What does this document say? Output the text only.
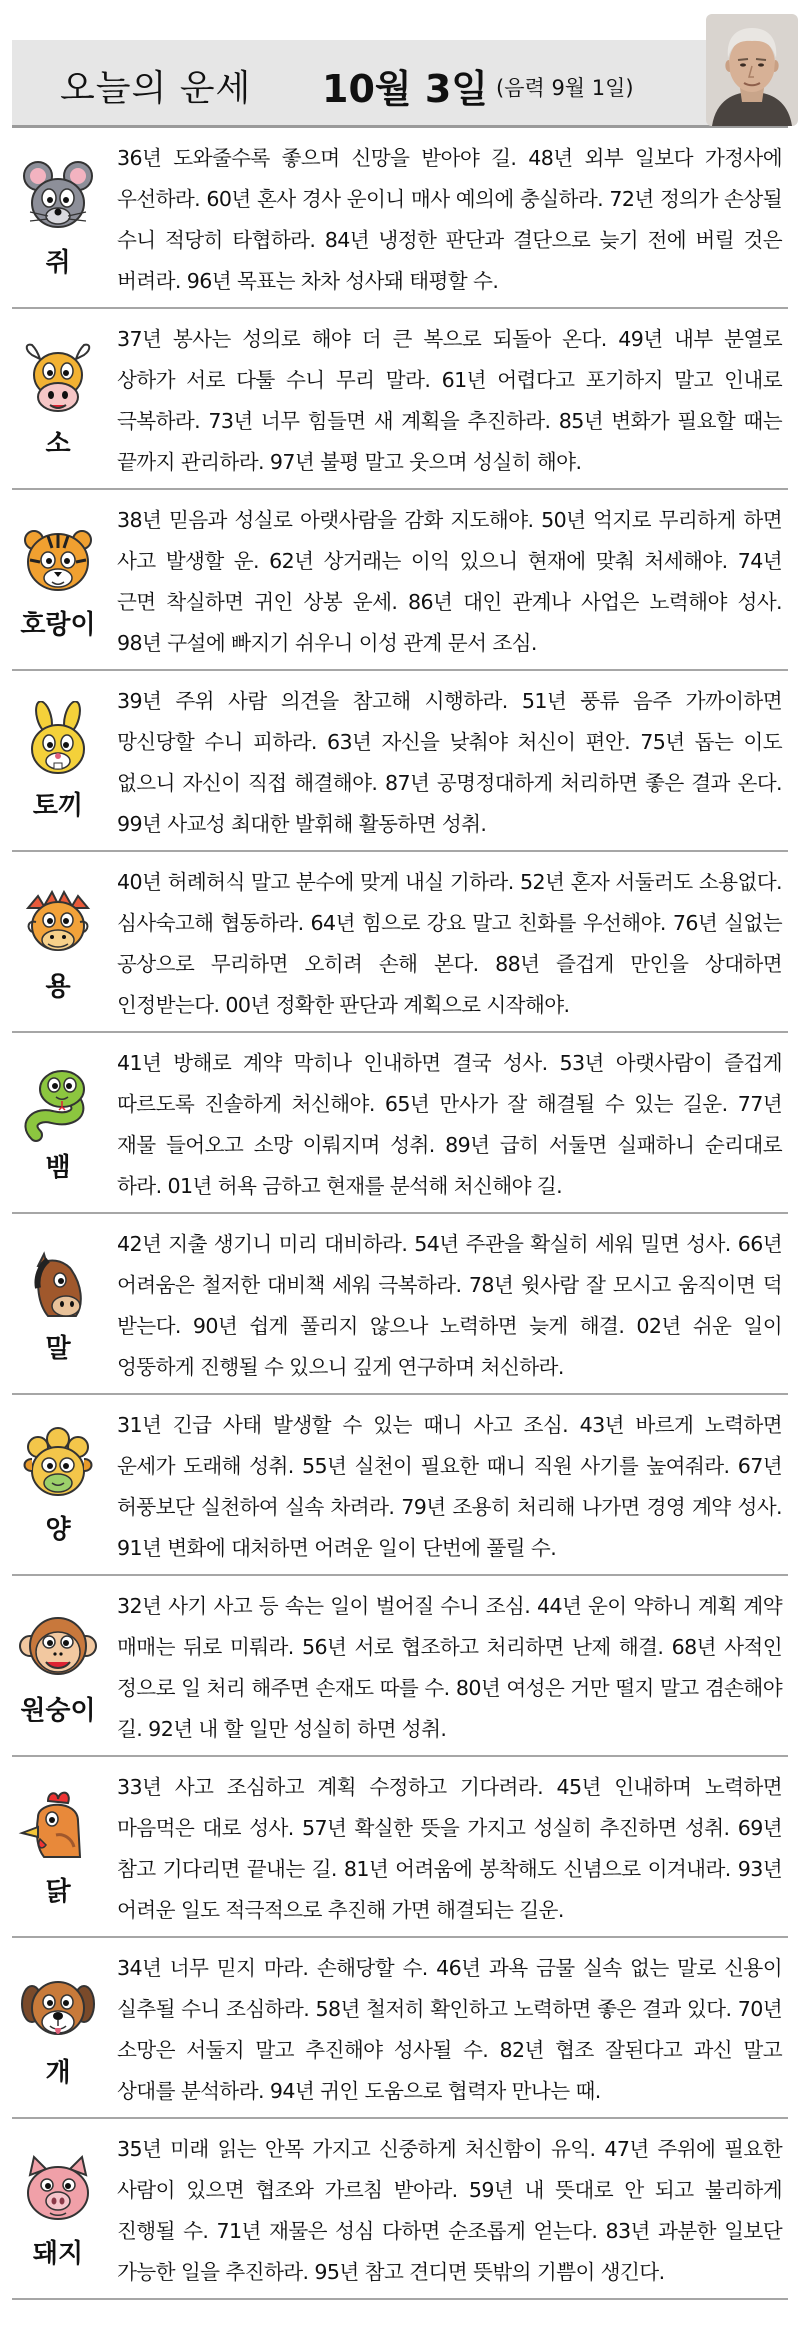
오늘의 운세 10월 3일 (음력 9월 1일)
쥐
36년 도와줄수록 좋으며 신망을 받아야 길. 48년 외부 일보다 가정사에 우선하라. 60년 혼사 경사 운이니 매사 예의에 충실하라. 72년 정의가 손상될 수니 적당히 타협하라. 84년 냉정한 판단과 결단으로 늦기 전에 버릴 것은 버려라. 96년 목표는 차차 성사돼 태평할 수.
소
37년 봉사는 성의로 해야 더 큰 복으로 되돌아 온다. 49년 내부 분열로 상하가 서로 다툴 수니 무리 말라. 61년 어렵다고 포기하지 말고 인내로 극복하라. 73년 너무 힘들면 새 계획을 추진하라. 85년 변화가 필요할 때는 끝까지 관리하라. 97년 불평 말고 웃으며 성실히 해야.
호랑이
38년 믿음과 성실로 아랫사람을 감화 지도해야. 50년 억지로 무리하게 하면 사고 발생할 운. 62년 상거래는 이익 있으니 현재에 맞춰 처세해야. 74년 근면 착실하면 귀인 상봉 운세. 86년 대인 관계나 사업은 노력해야 성사. 98년 구설에 빠지기 쉬우니 이성 관계 문서 조심.
토끼
39년 주위 사람 의견을 참고해 시행하라. 51년 풍류 음주 가까이하면 망신당할 수니 피하라. 63년 자신을 낮춰야 처신이 편안. 75년 돕는 이도 없으니 자신이 직접 해결해야. 87년 공명정대하게 처리하면 좋은 결과 온다. 99년 사교성 최대한 발휘해 활동하면 성취.
용
40년 허례허식 말고 분수에 맞게 내실 기하라. 52년 혼자 서둘러도 소용없다. 심사숙고해 협동하라. 64년 힘으로 강요 말고 친화를 우선해야. 76년 실없는 공상으로 무리하면 오히려 손해 본다. 88년 즐겁게 만인을 상대하면 인정받는다. 00년 정확한 판단과 계획으로 시작해야.
뱀
41년 방해로 계약 막히나 인내하면 결국 성사. 53년 아랫사람이 즐겁게 따르도록 진솔하게 처신해야. 65년 만사가 잘 해결될 수 있는 길운. 77년 재물 들어오고 소망 이뤄지며 성취. 89년 급히 서둘면 실패하니 순리대로 하라. 01년 허욕 금하고 현재를 분석해 처신해야 길.
말
42년 지출 생기니 미리 대비하라. 54년 주관을 확실히 세워 밀면 성사. 66년 어려움은 철저한 대비책 세워 극복하라. 78년 윗사람 잘 모시고 움직이면 덕 받는다. 90년 쉽게 풀리지 않으나 노력하면 늦게 해결. 02년 쉬운 일이 엉뚱하게 진행될 수 있으니 깊게 연구하며 처신하라.
양
31년 긴급 사태 발생할 수 있는 때니 사고 조심. 43년 바르게 노력하면 운세가 도래해 성취. 55년 실천이 필요한 때니 직원 사기를 높여줘라. 67년 허풍보단 실천하여 실속 차려라. 79년 조용히 처리해 나가면 경영 계약 성사. 91년 변화에 대처하면 어려운 일이 단번에 풀릴 수.
원숭이
32년 사기 사고 등 속는 일이 벌어질 수니 조심. 44년 운이 약하니 계획 계약 매매는 뒤로 미뤄라. 56년 서로 협조하고 처리하면 난제 해결. 68년 사적인 정으로 일 처리 해주면 손재도 따를 수. 80년 여성은 거만 떨지 말고 겸손해야 길. 92년 내 할 일만 성실히 하면 성취.
닭
33년 사고 조심하고 계획 수정하고 기다려라. 45년 인내하며 노력하면 마음먹은 대로 성사. 57년 확실한 뜻을 가지고 성실히 추진하면 성취. 69년 참고 기다리면 끝내는 길. 81년 어려움에 봉착해도 신념으로 이겨내라. 93년 어려운 일도 적극적으로 추진해 가면 해결되는 길운.
개
34년 너무 믿지 마라. 손해당할 수. 46년 과욕 금물 실속 없는 말로 신용이 실추될 수니 조심하라. 58년 철저히 확인하고 노력하면 좋은 결과 있다. 70년 소망은 서둘지 말고 추진해야 성사될 수. 82년 협조 잘된다고 과신 말고 상대를 분석하라. 94년 귀인 도움으로 협력자 만나는 때.
돼지
35년 미래 읽는 안목 가지고 신중하게 처신함이 유익. 47년 주위에 필요한 사람이 있으면 협조와 가르침 받아라. 59년 내 뜻대로 안 되고 불리하게 진행될 수. 71년 재물은 성심 다하면 순조롭게 얻는다. 83년 과분한 일보단 가능한 일을 추진하라. 95년 참고 견디면 뜻밖의 기쁨이 생긴다.
